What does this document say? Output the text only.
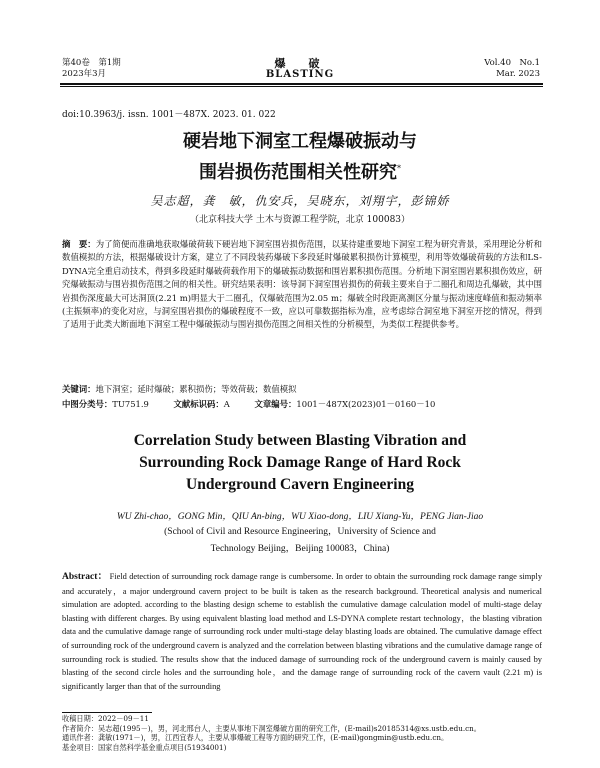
第40卷　第1期
2023年3月
爆　破
BLASTING
Vol.40　No.1
Mar. 2023
doi:10.3963/j. issn. 1001－487X. 2023. 01. 022
硬岩地下洞室工程爆破振动与
围岩损伤范围相关性研究*
吴志超，龚　敏，仇安兵，吴晓东，刘翔宇，彭锦娇
（北京科技大学 土木与资源工程学院，北京 100083）
摘　要：为了简便而准确地获取爆破荷载下硬岩地下洞室围岩损伤范围，以某待建重要地下洞室工程为研究背景，采用理论分析和数值模拟的方法，根据爆破设计方案，建立了不同段装药爆破下多段延时爆破累积损伤计算模型，利用等效爆破荷载的方法和LS-DYNA完全重启动技术，得到多段延时爆破荷载作用下的爆破振动数据和围岩累积损伤范围。分析地下洞室围岩累积损伤效应，研究爆破振动与围岩损伤范围之间的相关性。研究结果表明：该导洞下洞室围岩损伤的荷载主要来自于二圈孔和周边孔爆破，其中围岩损伤深度最大可达洞顶(2.21 m)明显大于二圈孔，仅爆破范围为2.05 m；爆破全时段距离测区分量与振动速度峰值和振动频率(主振频率)的变化对应，与洞室围岩损伤的爆破程度不一致，应以可靠数据指标为准，应考虑综合洞室地下洞室开挖的情况，得到了适用于此类大断面地下洞室工程中爆破振动与围岩损伤范围之间相关性的分析模型，为类似工程提供参考。
关键词：地下洞室；延时爆破；累积损伤；等效荷载；数值模拟
中图分类号：TU751.9	文献标识码：A	文章编号：1001－487X(2023)01－0160－10
Correlation Study between Blasting Vibration and
Surrounding Rock Damage Range of Hard Rock
Underground Cavern Engineering
WU Zhi-chao，GONG Min，QIU An-bing，WU Xiao-dong，LIU Xiang-Yu，PENG Jian-Jiao
(School of Civil and Resource Engineering，University of Science and
Technology Beijing，Beijing 100083，China)
Abstract： Field detection of surrounding rock damage range is cumbersome. In order to obtain the surrounding rock damage range simply and accurately，a major underground cavern project to be built is taken as the research background. Theoretical analysis and numerical simulation are adopted. according to the blasting design scheme to establish the cumulative damage calculation model of multi-stage delay blasting with different charges. By using equivalent blasting load method and LS-DYNA complete restart technology，the blasting vibration data and the cumulative damage range of surrounding rock under multi-stage delay blasting loads are obtained. The cumulative damage effect of surrounding rock of the underground cavern is analyzed and the correlation between blasting vibrations and the cumulative damage range of surrounding rock is studied. The results show that the induced damage of surrounding rock of the underground cavern is mainly caused by blasting of the second circle holes and the surrounding hole，and the damage range of surrounding rock of the cavern vault (2.21 m) is significantly larger than that of the surrounding
收稿日期：2022－09－11
作者简介：吴志超(1995－)，男，河北邢台人，主要从事地下洞室爆破方面的研究工作，(E-mail)s20185314@xs.ustb.edu.cn。
通讯作者：龚敏(1971－)，男，江西宜春人，主要从事爆破工程等方面的研究工作，(E-mail)gongmin@ustb.edu.cn。
基金项目：国家自然科学基金重点项目(51934001)
